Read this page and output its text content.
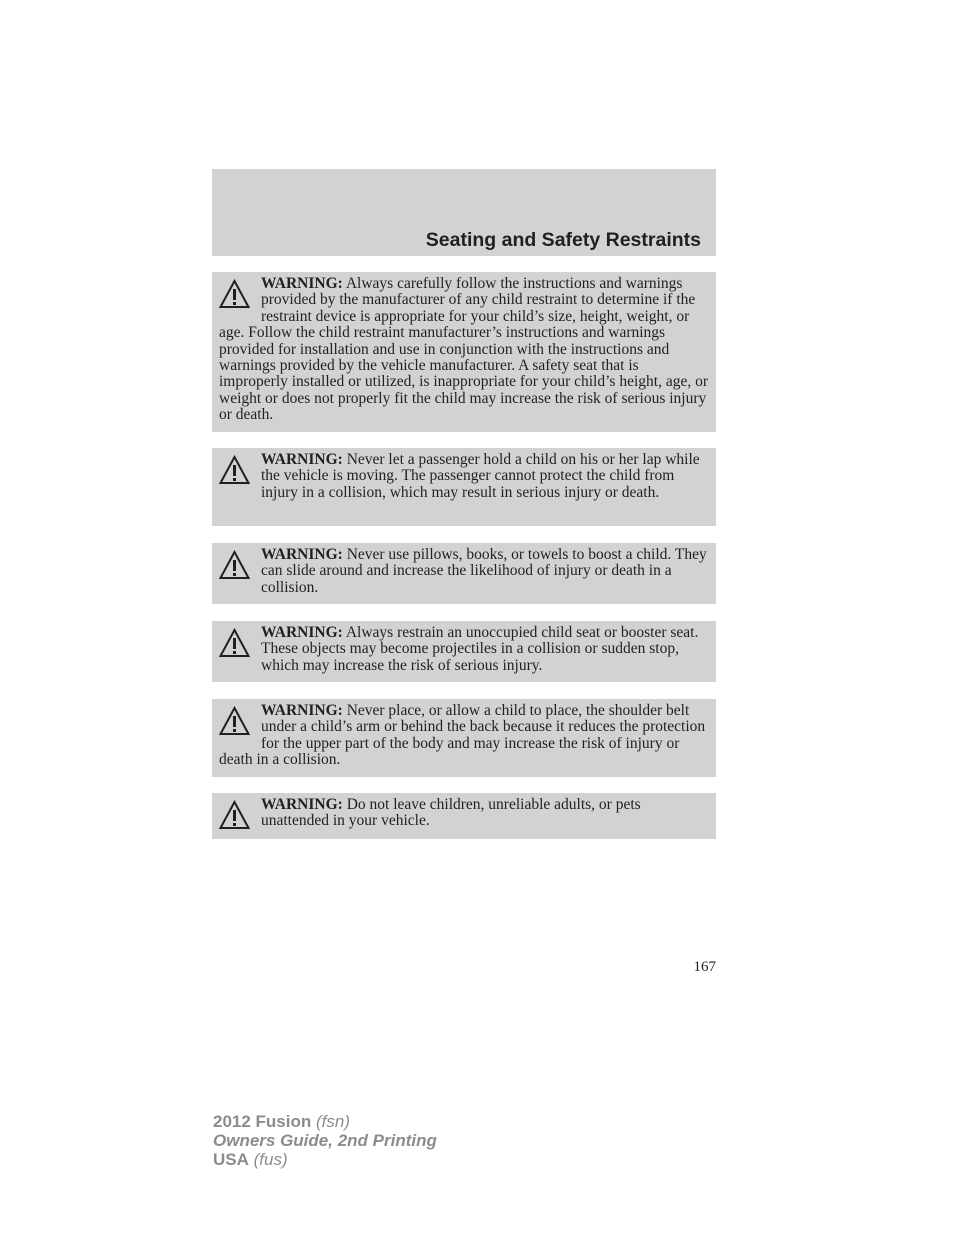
Seating and Safety Restraints

WARNING: Always carefully follow the instructions and warnings provided by the manufacturer of any child restraint to determine if the restraint device is appropriate for your child’s size, height, weight, or age. Follow the child restraint manufacturer’s instructions and warnings provided for installation and use in conjunction with the instructions and warnings provided by the vehicle manufacturer. A safety seat that is improperly installed or utilized, is inappropriate for your child’s height, age, or weight or does not properly fit the child may increase the risk of serious injury or death.

WARNING: Never let a passenger hold a child on his or her lap while the vehicle is moving. The passenger cannot protect the child from injury in a collision, which may result in serious injury or death.

WARNING: Never use pillows, books, or towels to boost a child. They can slide around and increase the likelihood of injury or death in a collision.

WARNING: Always restrain an unoccupied child seat or booster seat. These objects may become projectiles in a collision or sudden stop, which may increase the risk of serious injury.

WARNING: Never place, or allow a child to place, the shoulder belt under a child’s arm or behind the back because it reduces the protection for the upper part of the body and may increase the risk of injury or death in a collision.

WARNING: Do not leave children, unreliable adults, or pets unattended in your vehicle.

167
2012 Fusion (fsn)
Owners Guide, 2nd Printing
USA (fus)
